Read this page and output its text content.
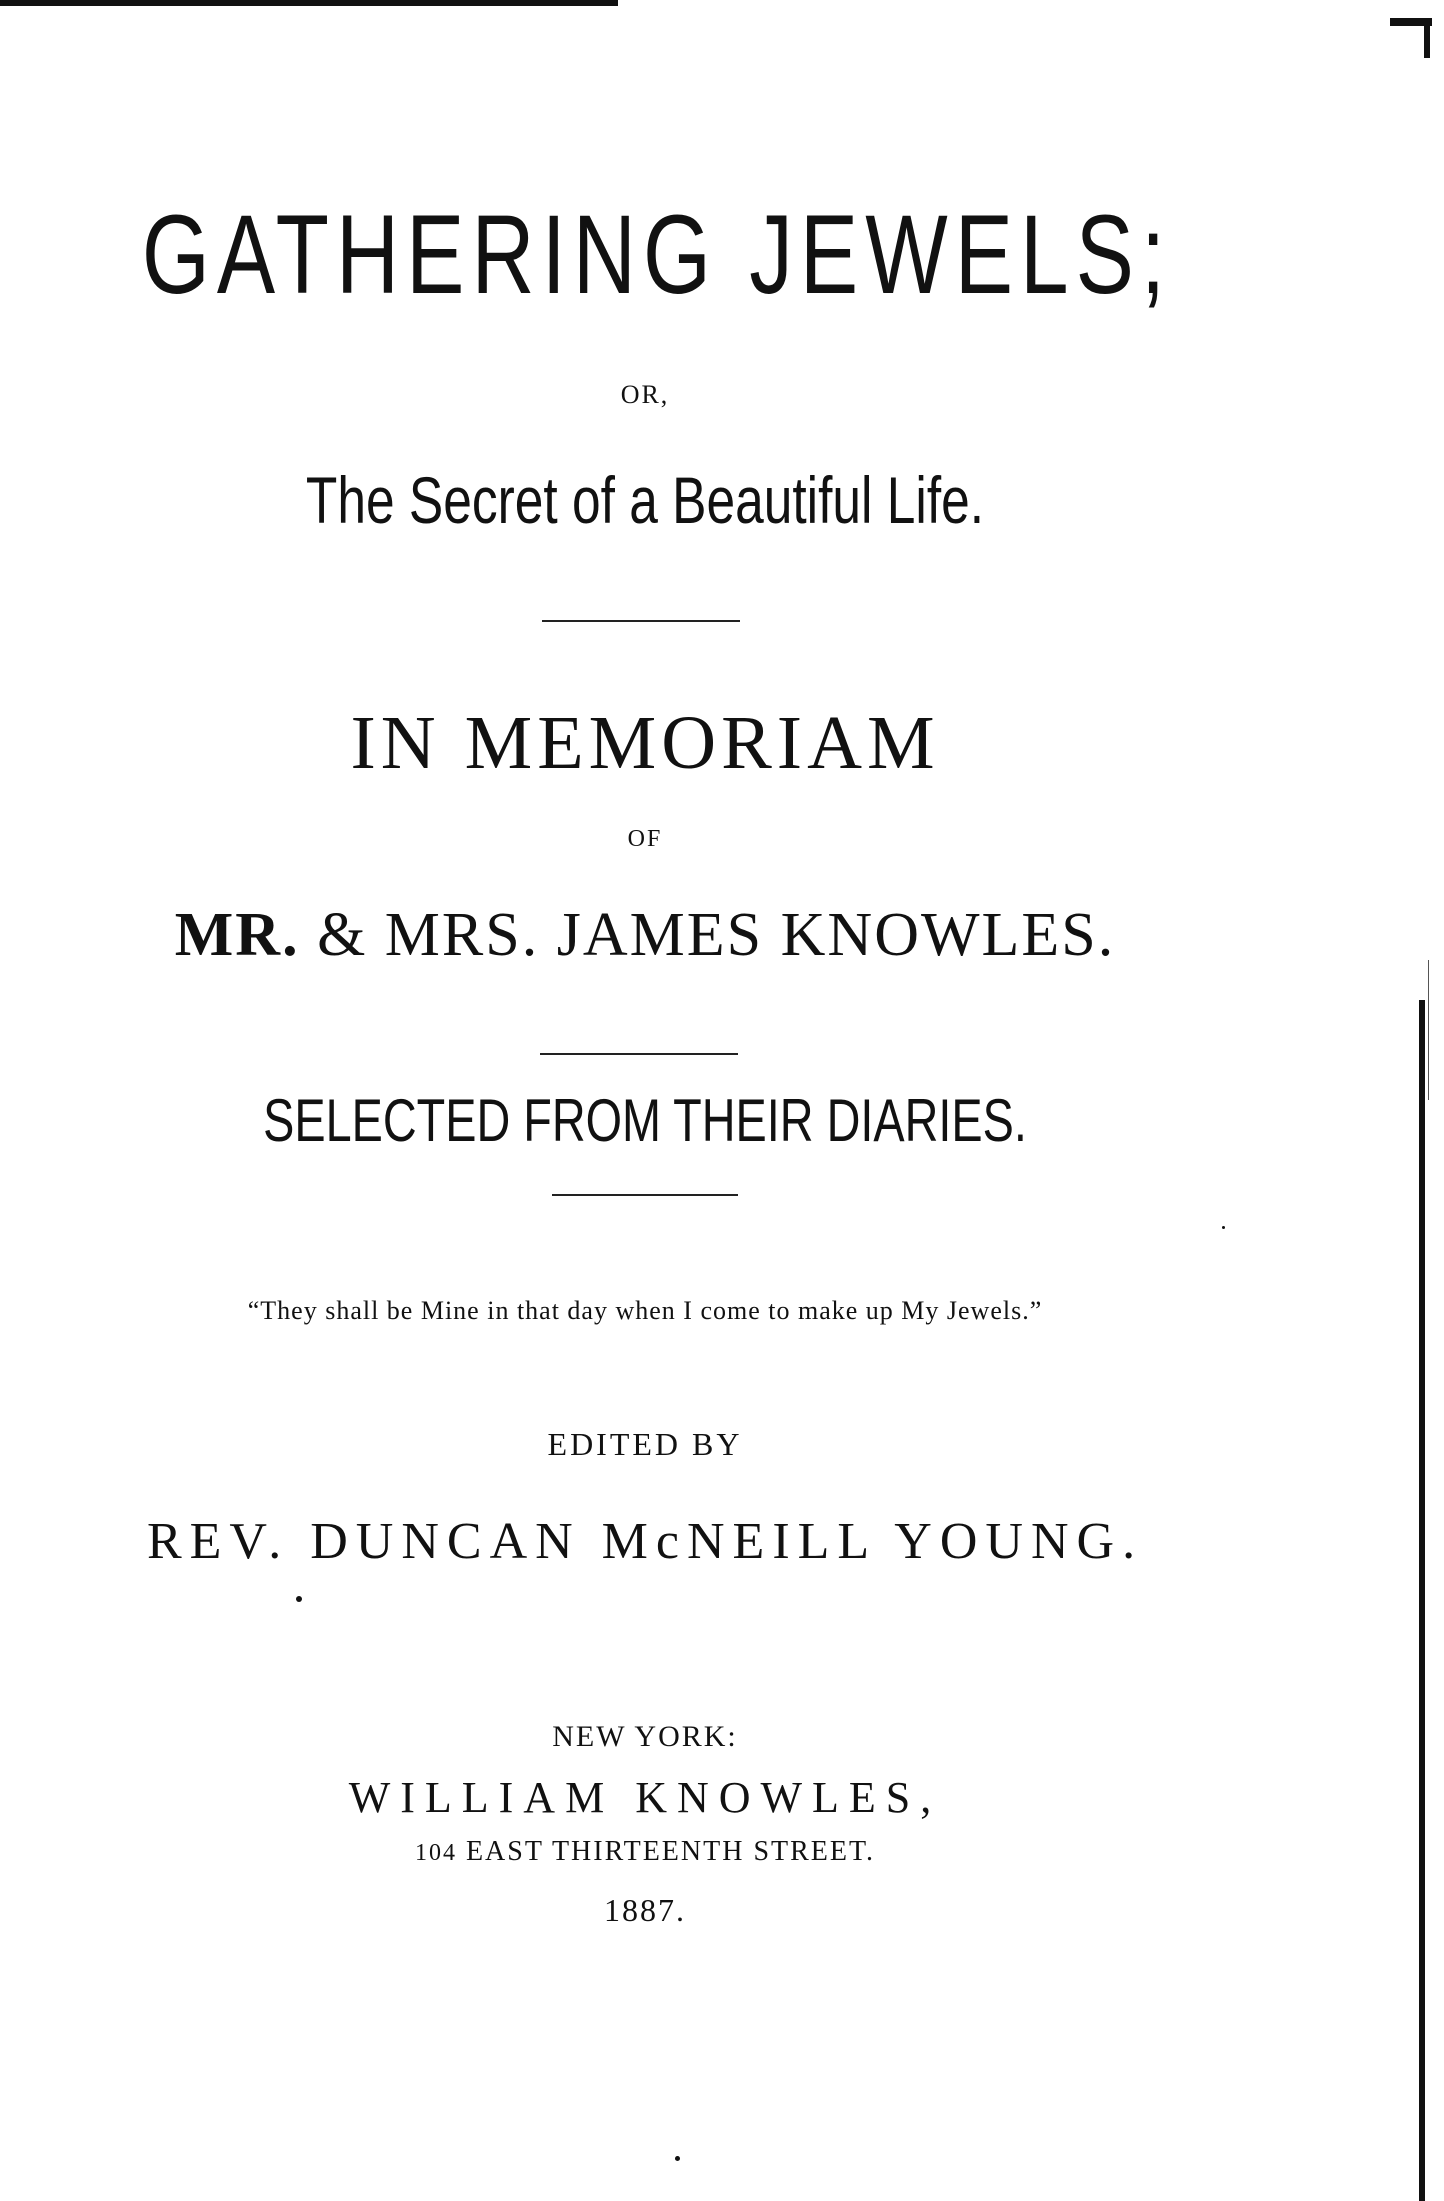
GATHERING JEWELS;
OR,
The Secret of a Beautiful Life.
IN MEMORIAM
OF
MR. & MRS. JAMES KNOWLES.
SELECTED FROM THEIR DIARIES.
“They shall be Mine in that day when I come to make up My Jewels.”
EDITED BY
REV. DUNCAN McNEILL YOUNG.
NEW YORK:
WILLIAM KNOWLES,
104 EAST THIRTEENTH STREET.
1887.
